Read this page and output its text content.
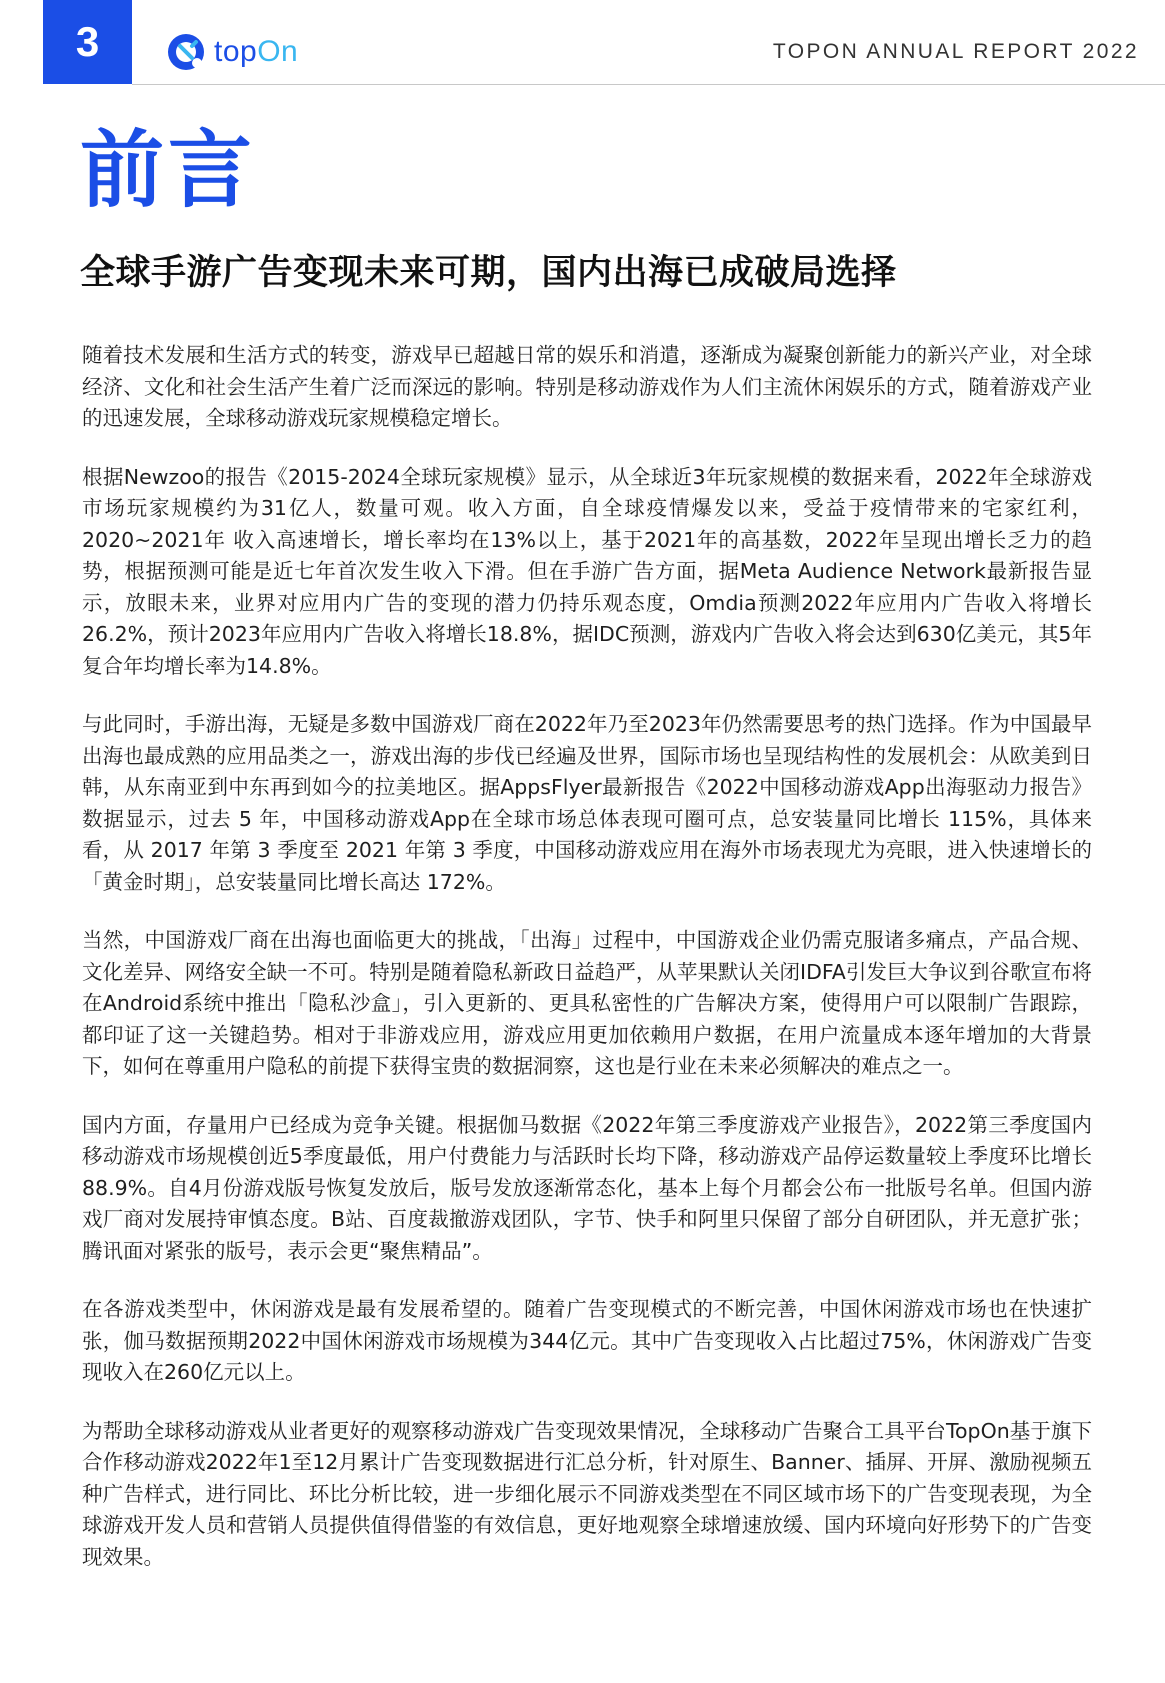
3	topOn	TOPON ANNUAL REPORT 2022
前言
全球手游广告变现未来可期，国内出海已成破局选择

随着技术发展和生活方式的转变，游戏早已超越日常的娱乐和消遣，逐渐成为凝聚创新能力的新兴产业，对全球经济、文化和社会生活产生着广泛而深远的影响。特别是移动游戏作为人们主流休闲娱乐的方式，随着游戏产业的迅速发展，全球移动游戏玩家规模稳定增长。

根据Newzoo的报告《2015-2024全球玩家规模》显示，从全球近3年玩家规模的数据来看，2022年全球游戏市场玩家规模约为31亿人，数量可观。收入方面，自全球疫情爆发以来，受益于疫情带来的宅家红利，2020~2021年 收入高速增长，增长率均在13%以上，基于2021年的高基数，2022年呈现出增长乏力的趋势，根据预测可能是近七年首次发生收入下滑。但在手游广告方面，据Meta Audience Network最新报告显示，放眼未来，业界对应用内广告的变现的潜力仍持乐观态度，Omdia预测2022年应用内广告收入将增长26.2%，预计2023年应用内广告收入将增长18.8%，据IDC预测，游戏内广告收入将会达到630亿美元，其5年复合年均增长率为14.8%。

与此同时，手游出海，无疑是多数中国游戏厂商在2022年乃至2023年仍然需要思考的热门选择。作为中国最早出海也最成熟的应用品类之一，游戏出海的步伐已经遍及世界，国际市场也呈现结构性的发展机会：从欧美到日韩，从东南亚到中东再到如今的拉美地区。据AppsFlyer最新报告《2022中国移动游戏App出海驱动力报告》数据显示，过去 5 年，中国移动游戏App在全球市场总体表现可圈可点，总安装量同比增长 115%，具体来看，从 2017 年第 3 季度至 2021 年第 3 季度，中国移动游戏应用在海外市场表现尤为亮眼，进入快速增长的「黄金时期」，总安装量同比增长高达 172%。

当然，中国游戏厂商在出海也面临更大的挑战，「出海」过程中，中国游戏企业仍需克服诸多痛点，产品合规、文化差异、网络安全缺一不可。特别是随着隐私新政日益趋严，从苹果默认关闭IDFA引发巨大争议到谷歌宣布将在Android系统中推出「隐私沙盒」，引入更新的、更具私密性的广告解决方案，使得用户可以限制广告跟踪，都印证了这一关键趋势。相对于非游戏应用，游戏应用更加依赖用户数据，在用户流量成本逐年增加的大背景下，如何在尊重用户隐私的前提下获得宝贵的数据洞察，这也是行业在未来必须解决的难点之一。

国内方面，存量用户已经成为竞争关键。根据伽马数据《2022年第三季度游戏产业报告》，2022第三季度国内移动游戏市场规模创近5季度最低，用户付费能力与活跃时长均下降，移动游戏产品停运数量较上季度环比增长88.9%。自4月份游戏版号恢复发放后，版号发放逐渐常态化，基本上每个月都会公布一批版号名单。但国内游戏厂商对发展持审慎态度。B站、百度裁撤游戏团队，字节、快手和阿里只保留了部分自研团队，并无意扩张；腾讯面对紧张的版号，表示会更“聚焦精品”。

在各游戏类型中，休闲游戏是最有发展希望的。随着广告变现模式的不断完善，中国休闲游戏市场也在快速扩张，伽马数据预期2022中国休闲游戏市场规模为344亿元。其中广告变现收入占比超过75%，休闲游戏广告变现收入在260亿元以上。

为帮助全球移动游戏从业者更好的观察移动游戏广告变现效果情况，全球移动广告聚合工具平台TopOn基于旗下合作移动游戏2022年1至12月累计广告变现数据进行汇总分析，针对原生、Banner、插屏、开屏、激励视频五种广告样式，进行同比、环比分析比较，进一步细化展示不同游戏类型在不同区域市场下的广告变现表现，为全球游戏开发人员和营销人员提供值得借鉴的有效信息，更好地观察全球增速放缓、国内环境向好形势下的广告变现效果。
